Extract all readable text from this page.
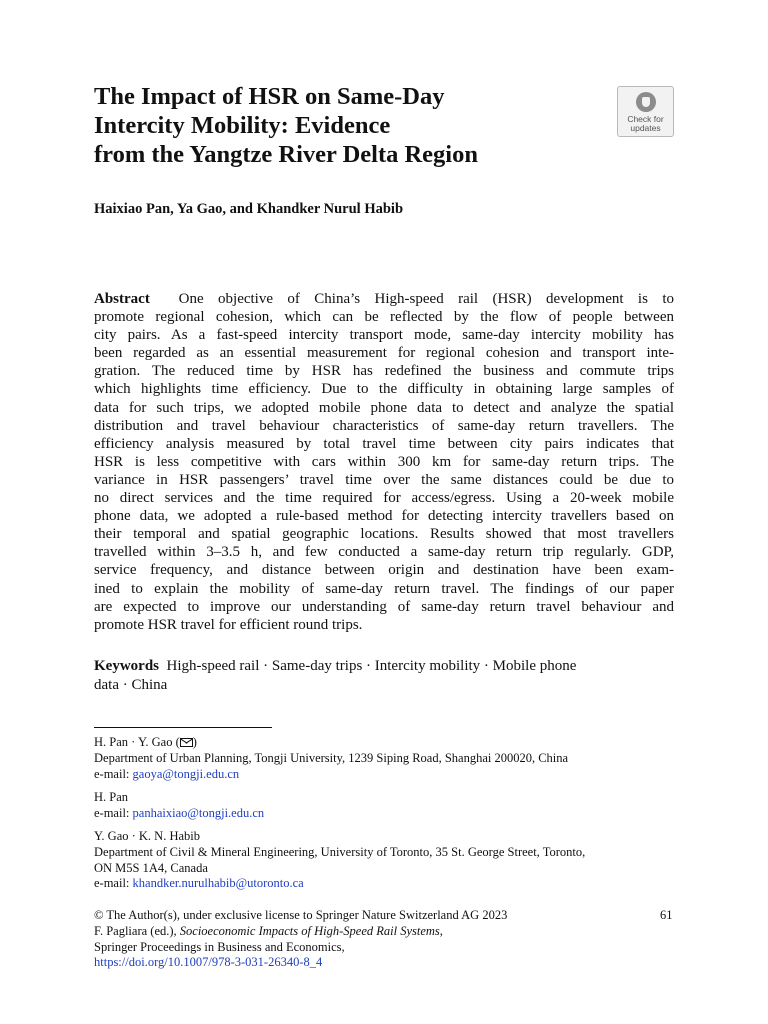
The Impact of HSR on Same-Day
Intercity Mobility: Evidence
from the Yangtze River Delta Region
Check for
updates

Haixiao Pan, Ya Gao, and Khandker Nurul Habib

Abstract One objective of China’s High-speed rail (HSR) development is to
promote regional cohesion, which can be reflected by the flow of people between
city pairs. As a fast-speed intercity transport mode, same-day intercity mobility has
been regarded as an essential measurement for regional cohesion and transport inte-
gration. The reduced time by HSR has redefined the business and commute trips
which highlights time efficiency. Due to the difficulty in obtaining large samples of
data for such trips, we adopted mobile phone data to detect and analyze the spatial
distribution and travel behaviour characteristics of same-day return travellers. The
efficiency analysis measured by total travel time between city pairs indicates that
HSR is less competitive with cars within 300 km for same-day return trips. The
variance in HSR passengers’ travel time over the same distances could be due to
no direct services and the time required for access/egress. Using a 20-week mobile
phone data, we adopted a rule-based method for detecting intercity travellers based on
their temporal and spatial geographic locations. Results showed that most travellers
travelled within 3–3.5 h, and few conducted a same-day return trip regularly. GDP,
service frequency, and distance between origin and destination have been exam-
ined to explain the mobility of same-day return travel. The findings of our paper
are expected to improve our understanding of same-day return travel behaviour and
promote HSR travel for efficient round trips.
Keywords High-speed rail · Same-day trips · Intercity mobility · Mobile phone
data · China
H. Pan · Y. Gao ( )
Department of Urban Planning, Tongji University, 1239 Siping Road, Shanghai 200020, China
e-mail: gaoya@tongji.edu.cn
H. Pan
e-mail: panhaixiao@tongji.edu.cn
Y. Gao · K. N. Habib
Department of Civil & Mineral Engineering, University of Toronto, 35 St. George Street, Toronto,
ON M5S 1A4, Canada
e-mail: khandker.nurulhabib@utoronto.ca
© The Author(s), under exclusive license to Springer Nature Switzerland AG 2023
F. Pagliara (ed.), Socioeconomic Impacts of High-Speed Rail Systems,
Springer Proceedings in Business and Economics,
https://doi.org/10.1007/978-3-031-26340-8_4
61
